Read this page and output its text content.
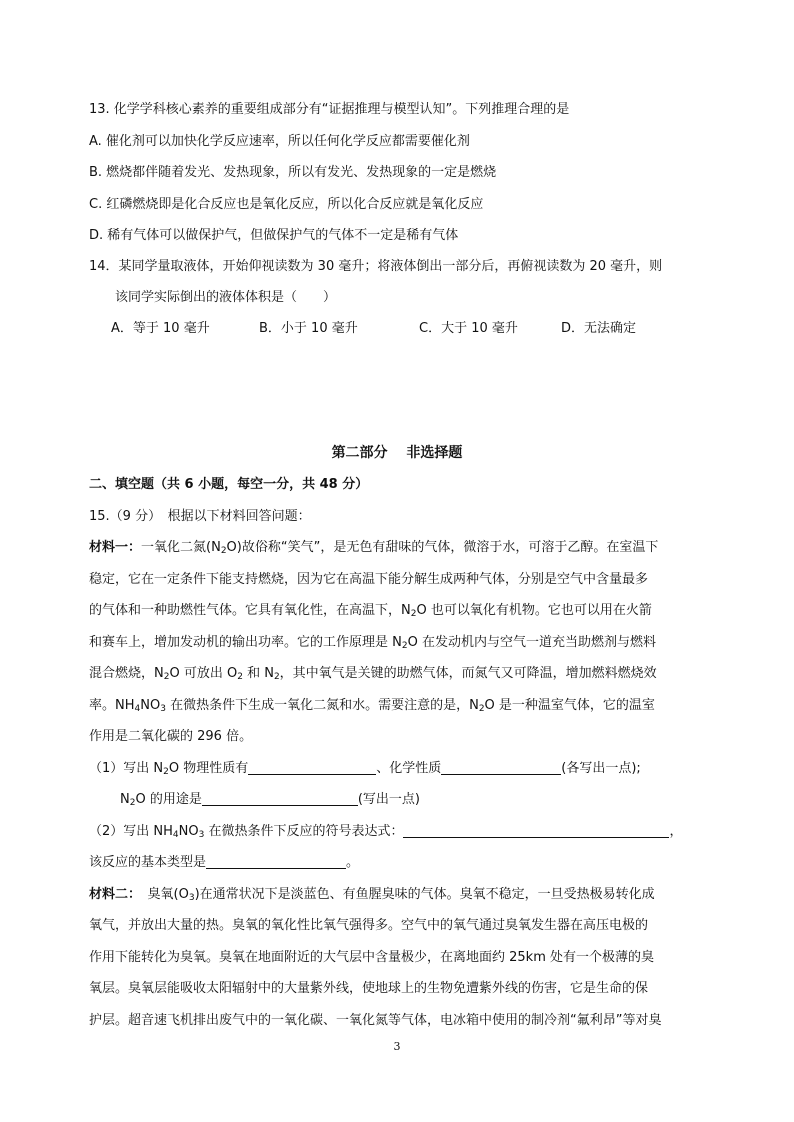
13. 化学学科核心素养的重要组成部分有“证据推理与模型认知”。下列推理合理的是
A. 催化剂可以加快化学反应速率，所以任何化学反应都需要催化剂
B. 燃烧都伴随着发光、发热现象，所以有发光、发热现象的一定是燃烧
C. 红磷燃烧即是化合反应也是氧化反应，所以化合反应就是氧化反应
D. 稀有气体可以做保护气，但做保护气的气体不一定是稀有气体
14．某同学量取液体，开始仰视读数为 30 毫升；将液体倒出一部分后，再俯视读数为 20 毫升，则
该同学实际倒出的液体体积是（　　）
A．等于 10 毫升	B．小于 10 毫升	C．大于 10 毫升	D．无法确定
第二部分　 非选择题
二、填空题（共 6 小题，每空一分，共 48 分）
15.（9 分）　根据以下材料回答问题：
材料一：一氧化二氮$(N_2O)$故俗称“笑气”，是无色有甜味的气体，微溶于水，可溶于乙醇。在室温下
稳定，它在一定条件下能支持燃烧，因为它在高温下能分解生成两种气体，分别是空气中含量最多
的气体和一种助燃性气体。它具有氧化性，在高温下，$N_2O$ 也可以氧化有机物。它也可以用在火箭
和赛车上，增加发动机的输出功率。它的工作原理是 $N_2O$ 在发动机内与空气一道充当助燃剂与燃料
混合燃烧，$N_2O$ 可放出 $O_2$ 和 $N_2$，其中氧气是关键的助燃气体，而氮气又可降温，增加燃料燃烧效
率。$NH_4NO_3$ 在微热条件下生成一氧化二氮和水。需要注意的是，$N_2O$ 是一种温室气体，它的温室
作用是二氧化碳的 296 倍。
（1）写出 $N_2O$ 物理性质有	、化学性质	(各写出一点);
$N_2O$ 的用途是	(写出一点)
（2）写出 $NH_4NO_3$ 在微热条件下反应的符号表达式：	，
该反应的基本类型是	。
材料二：　臭氧$(O_3)$在通常状况下是淡蓝色、有鱼腥臭味的气体。臭氧不稳定，一旦受热极易转化成
氧气，并放出大量的热。臭氧的氧化性比氧气强得多。空气中的氧气通过臭氧发生器在高压电极的
作用下能转化为臭氧。臭氧在地面附近的大气层中含量极少，在离地面约 25km 处有一个极薄的臭
氧层。臭氧层能吸收太阳辐射中的大量紫外线，使地球上的生物免遭紫外线的伤害，它是生命的保
护层。超音速飞机排出废气中的一氧化碳、一氧化氮等气体，电冰箱中使用的制冷剂“氟利昂”等对臭
3
